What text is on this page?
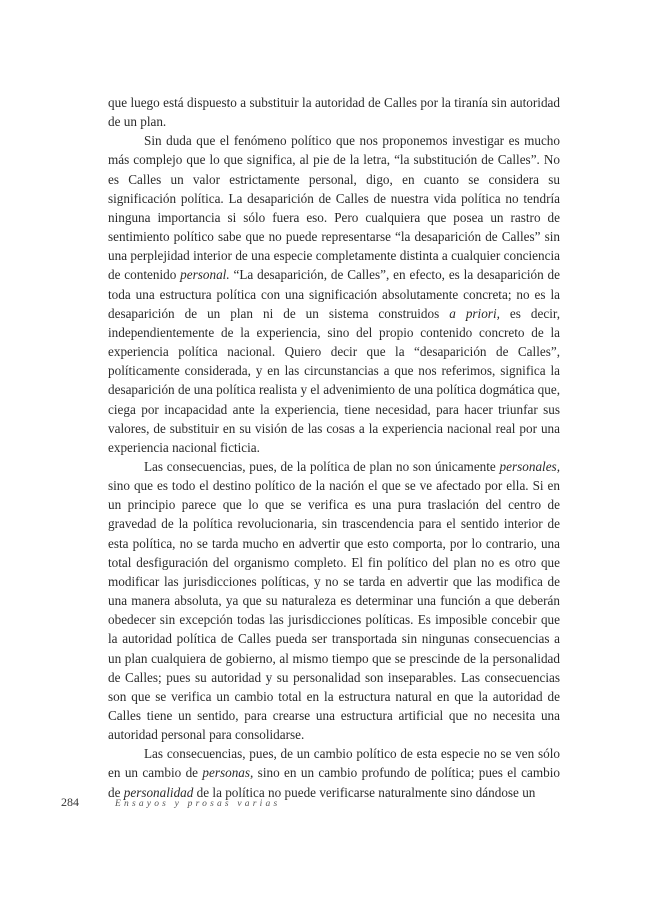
que luego está dispuesto a substituir la autoridad de Calles por la tiranía sin autoridad de un plan.

Sin duda que el fenómeno político que nos proponemos investigar es mucho más complejo que lo que significa, al pie de la letra, “la substitución de Calles”. No es Calles un valor estrictamente personal, digo, en cuanto se considera su significación política. La desaparición de Calles de nuestra vida política no tendría ninguna importancia si sólo fuera eso. Pero cualquiera que posea un rastro de sentimiento político sabe que no puede representarse “la desaparición de Calles” sin una perplejidad interior de una especie completamente distinta a cualquier conciencia de contenido personal. “La desaparición, de Calles”, en efecto, es la desaparición de toda una estructura política con una significación absolutamente concreta; no es la desaparición de un plan ni de un sistema construidos a priori, es decir, independientemente de la experiencia, sino del propio contenido concreto de la experiencia política nacional. Quiero decir que la “desaparición de Calles”, políticamente considerada, y en las circunstancias a que nos referimos, significa la desaparición de una política realista y el advenimiento de una política dogmática que, ciega por incapacidad ante la experiencia, tiene necesidad, para hacer triunfar sus valores, de substituir en su visión de las cosas a la experiencia nacional real por una experiencia nacional ficticia.

Las consecuencias, pues, de la política de plan no son únicamente personales, sino que es todo el destino político de la nación el que se ve afectado por ella. Si en un principio parece que lo que se verifica es una pura traslación del centro de gravedad de la política revolucionaria, sin trascendencia para el sentido interior de esta política, no se tarda mucho en advertir que esto comporta, por lo contrario, una total desfiguración del organismo completo. El fin político del plan no es otro que modificar las jurisdicciones políticas, y no se tarda en advertir que las modifica de una manera absoluta, ya que su naturaleza es determinar una función a que deberán obedecer sin excepción todas las jurisdicciones políticas. Es imposible concebir que la autoridad política de Calles pueda ser transportada sin ningunas consecuencias a un plan cualquiera de gobierno, al mismo tiempo que se prescinde de la personalidad de Calles; pues su autoridad y su personalidad son inseparables. Las consecuencias son que se verifica un cambio total en la estructura natural en que la autoridad de Calles tiene un sentido, para crearse una estructura artificial que no necesita una autoridad personal para consolidarse.

Las consecuencias, pues, de un cambio político de esta especie no se ven sólo en un cambio de personas, sino en un cambio profundo de política; pues el cambio de personalidad de la política no puede verificarse naturalmente sino dándose un

284	Ensayos y prosas varias
